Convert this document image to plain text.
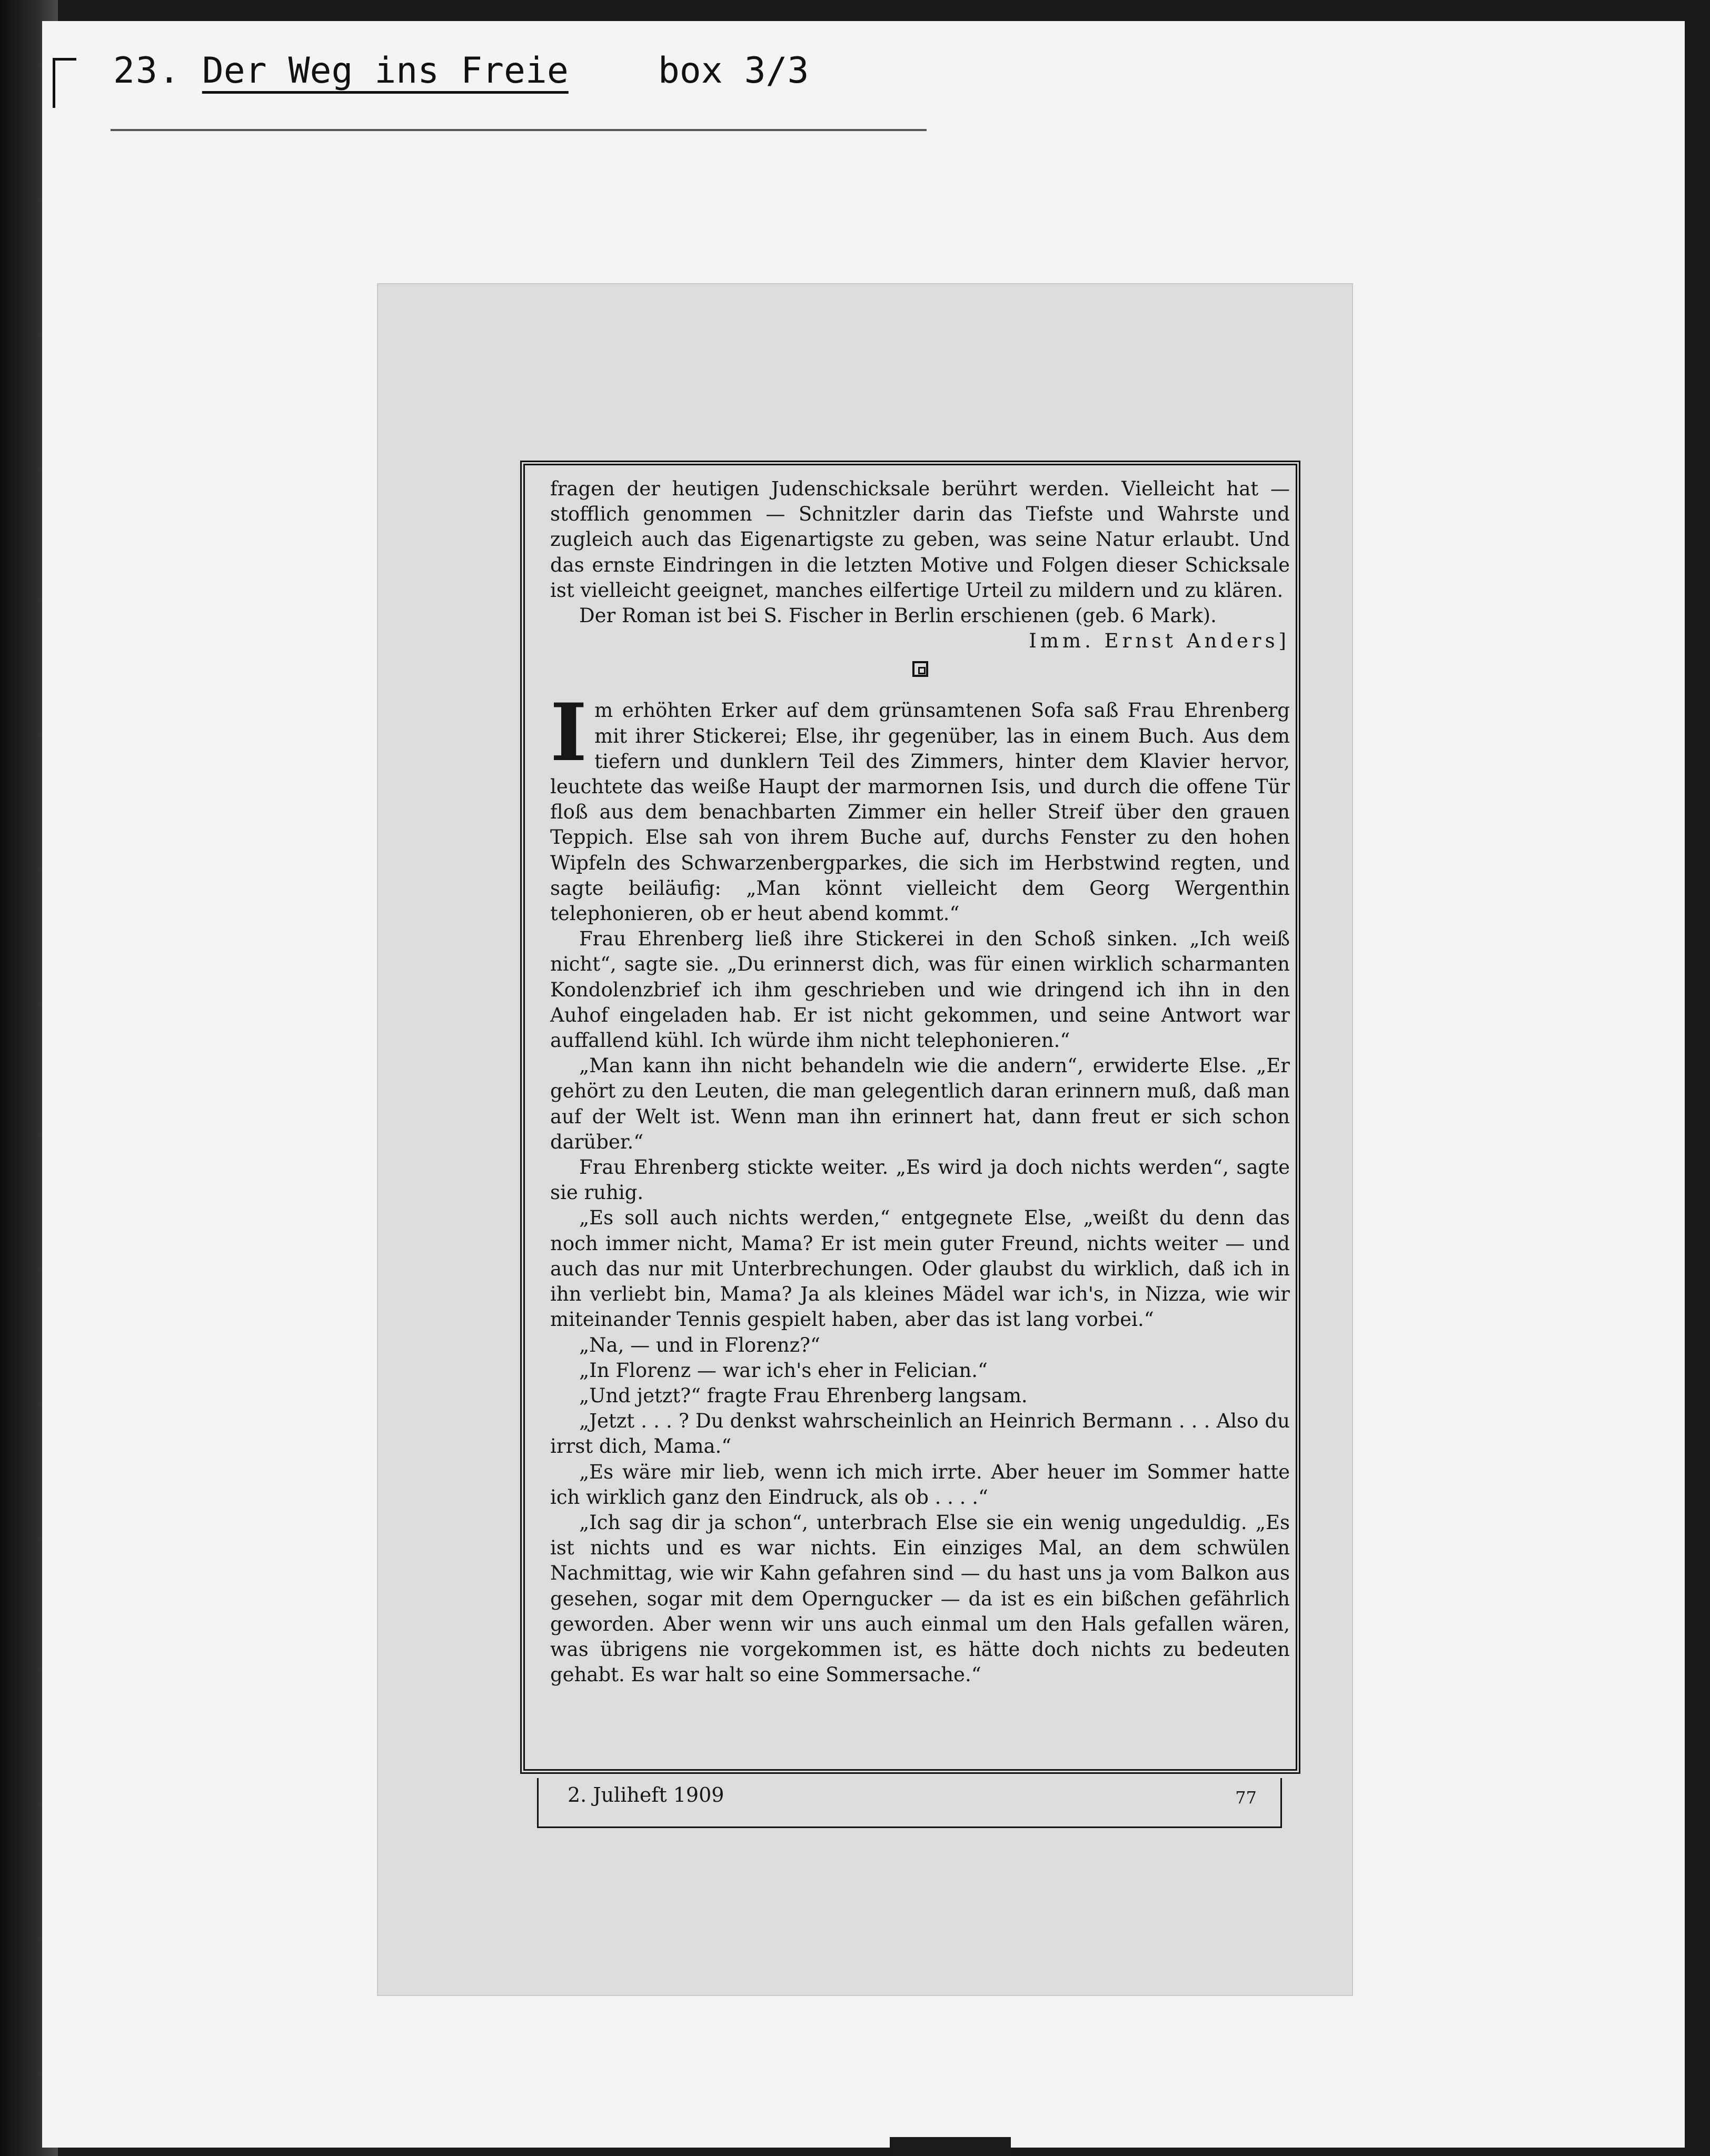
23. Der Weg ins Freie	box 3/3

fragen der heutigen Judenschicksale berührt werden. Vielleicht hat — stofflich genommen — Schnitzler darin das Tiefste und Wahrste und zugleich auch das Eigenartigste zu geben, was seine Natur erlaubt. Und das ernste Eindringen in die letzten Motive und Folgen dieser Schicksale ist vielleicht geeignet, manches eilfertige Urteil zu mildern und zu klären.

Der Roman ist bei S. Fischer in Berlin erschienen (geb. 6 Mark).

Imm. Ernst Anders]

Im erhöhten Erker auf dem grünsamtenen Sofa saß Frau Ehrenberg mit ihrer Stickerei; Else, ihr gegenüber, las in einem Buch. Aus dem tiefern und dunklern Teil des Zimmers, hinter dem Klavier hervor, leuchtete das weiße Haupt der marmornen Isis, und durch die offene Tür floß aus dem benachbarten Zimmer ein heller Streif über den grauen Teppich. Else sah von ihrem Buche auf, durchs Fenster zu den hohen Wipfeln des Schwarzenbergparkes, die sich im Herbstwind regten, und sagte beiläufig: „Man könnt vielleicht dem Georg Wergenthin telephonieren, ob er heut abend kommt.“

Frau Ehrenberg ließ ihre Stickerei in den Schoß sinken. „Ich weiß nicht“, sagte sie. „Du erinnerst dich, was für einen wirklich scharmanten Kondolenzbrief ich ihm geschrieben und wie dringend ich ihn in den Auhof eingeladen hab. Er ist nicht gekommen, und seine Antwort war auffallend kühl. Ich würde ihm nicht telephonieren.“

„Man kann ihn nicht behandeln wie die andern“, erwiderte Else. „Er gehört zu den Leuten, die man gelegentlich daran erinnern muß, daß man auf der Welt ist. Wenn man ihn erinnert hat, dann freut er sich schon darüber.“

Frau Ehrenberg stickte weiter. „Es wird ja doch nichts werden“, sagte sie ruhig.

„Es soll auch nichts werden,“ entgegnete Else, „weißt du denn das noch immer nicht, Mama? Er ist mein guter Freund, nichts weiter — und auch das nur mit Unterbrechungen. Oder glaubst du wirklich, daß ich in ihn verliebt bin, Mama? Ja als kleines Mädel war ich's, in Nizza, wie wir miteinander Tennis gespielt haben, aber das ist lang vorbei.“

„Na, — und in Florenz?“

„In Florenz — war ich's eher in Felician.“

„Und jetzt?“ fragte Frau Ehrenberg langsam.

„Jetzt . . . ? Du denkst wahrscheinlich an Heinrich Bermann . . . Also du irrst dich, Mama.“

„Es wäre mir lieb, wenn ich mich irrte. Aber heuer im Sommer hatte ich wirklich ganz den Eindruck, als ob . . . .“

„Ich sag dir ja schon“, unterbrach Else sie ein wenig ungeduldig. „Es ist nichts und es war nichts. Ein einziges Mal, an dem schwülen Nachmittag, wie wir Kahn gefahren sind — du hast uns ja vom Balkon aus gesehen, sogar mit dem Operngucker — da ist es ein bißchen gefährlich geworden. Aber wenn wir uns auch einmal um den Hals gefallen wären, was übrigens nie vorgekommen ist, es hätte doch nichts zu bedeuten gehabt. Es war halt so eine Sommersache.“

2. Juliheft 1909	77
